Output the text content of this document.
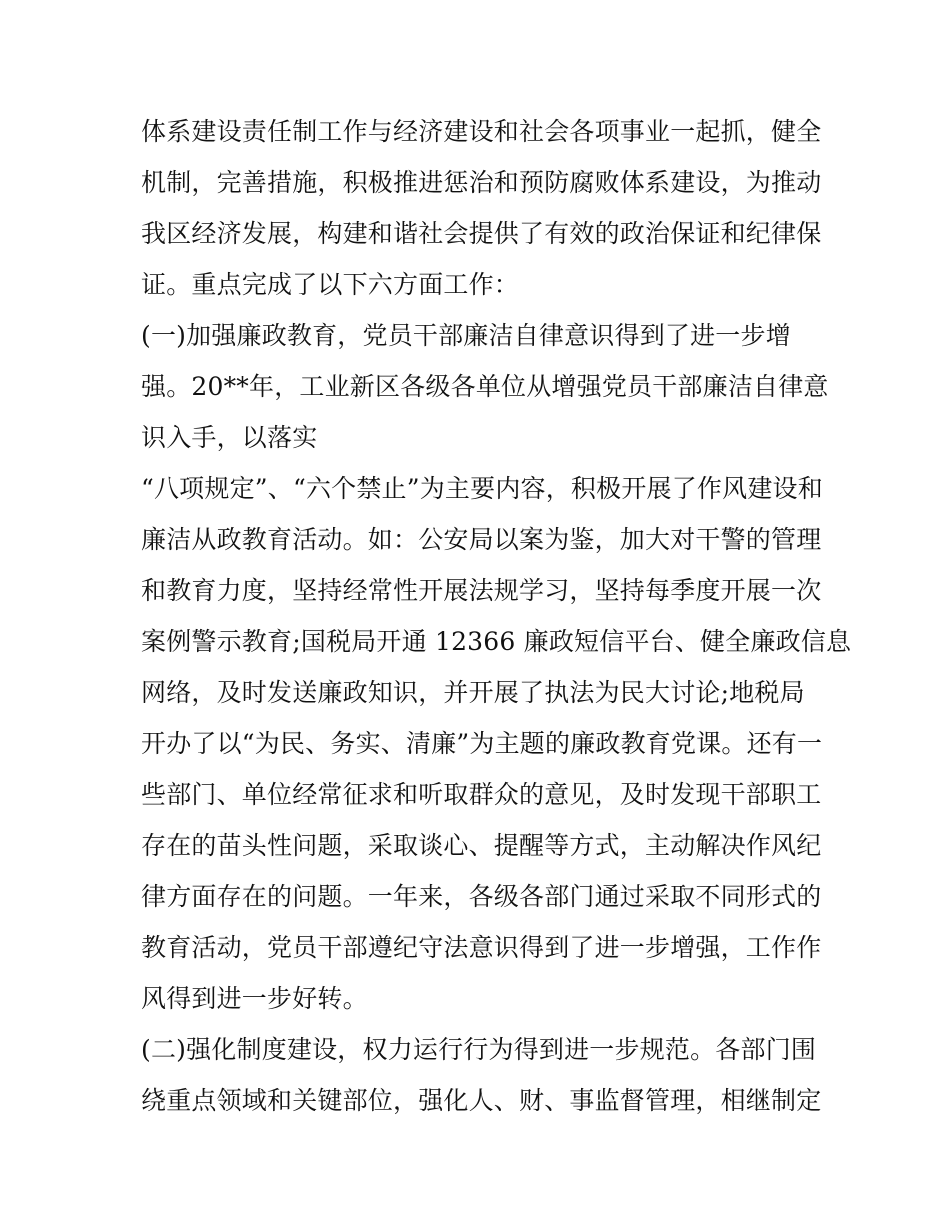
体系建设责任制工作与经济建设和社会各项事业一起抓，健全
机制，完善措施，积极推进惩治和预防腐败体系建设，为推动
我区经济发展，构建和谐社会提供了有效的政治保证和纪律保
证。重点完成了以下六方面工作：
(一)加强廉政教育，党员干部廉洁自律意识得到了进一步增
强。20**年，工业新区各级各单位从增强党员干部廉洁自律意
识入手，以落实
“八项规定”、“六个禁止”为主要内容，积极开展了作风建设和
廉洁从政教育活动。如：公安局以案为鉴，加大对干警的管理
和教育力度，坚持经常性开展法规学习，坚持每季度开展一次
案例警示教育;国税局开通 12366 廉政短信平台、健全廉政信息
网络，及时发送廉政知识，并开展了执法为民大讨论;地税局
开办了以“为民、务实、清廉”为主题的廉政教育党课。还有一
些部门、单位经常征求和听取群众的意见，及时发现干部职工
存在的苗头性问题，采取谈心、提醒等方式，主动解决作风纪
律方面存在的问题。一年来，各级各部门通过采取不同形式的
教育活动，党员干部遵纪守法意识得到了进一步增强，工作作
风得到进一步好转。
(二)强化制度建设，权力运行行为得到进一步规范。各部门围
绕重点领域和关键部位，强化人、财、事监督管理，相继制定
